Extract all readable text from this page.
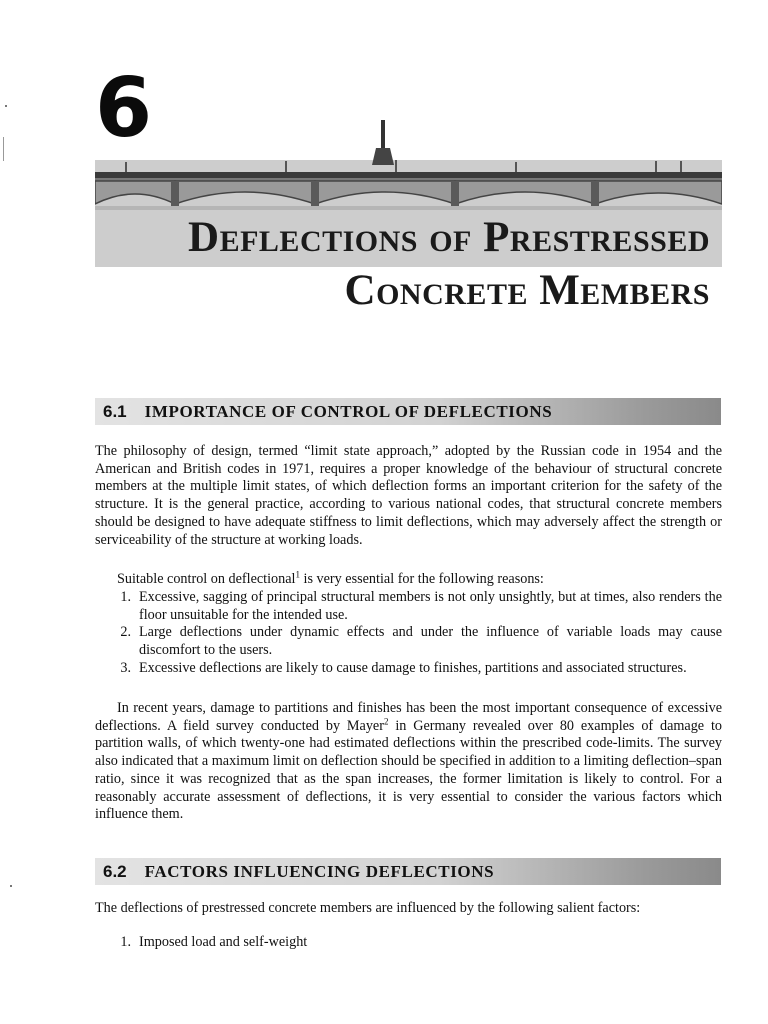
6
Deflections of Prestressed
Concrete Members
6.1 IMPORTANCE OF CONTROL OF DEFLECTIONS
The philosophy of design, termed “limit state approach,” adopted by the Russian code in 1954 and the American and British codes in 1971, requires a proper knowledge of the behaviour of structural concrete members at the multiple limit states, of which deflection forms an important criterion for the safety of the structure. It is the general practice, according to various national codes, that structural concrete members should be designed to have adequate stiffness to limit deflections, which may adversely affect the strength or serviceability of the structure at working loads.
Suitable control on deflectional$^1$ is very essential for the following reasons:
1. Excessive, sagging of principal structural members is not only unsightly, but at times, also renders the floor unsuitable for the intended use.
2. Large deflections under dynamic effects and under the influence of variable loads may cause discomfort to the users.
3. Excessive deflections are likely to cause damage to finishes, partitions and associated structures.
In recent years, damage to partitions and finishes has been the most important consequence of excessive deflections. A field survey conducted by Mayer$^2$ in Germany revealed over 80 examples of damage to partition walls, of which twenty-one had estimated deflections within the prescribed code-limits. The survey also indicated that a maximum limit on deflection should be specified in addition to a limiting deflection–span ratio, since it was recognized that as the span increases, the former limitation is likely to control. For a reasonably accurate assessment of deflections, it is very essential to consider the various factors which influence them.
6.2 FACTORS INFLUENCING DEFLECTIONS
The deflections of prestressed concrete members are influenced by the following salient factors:
1. Imposed load and self-weight
